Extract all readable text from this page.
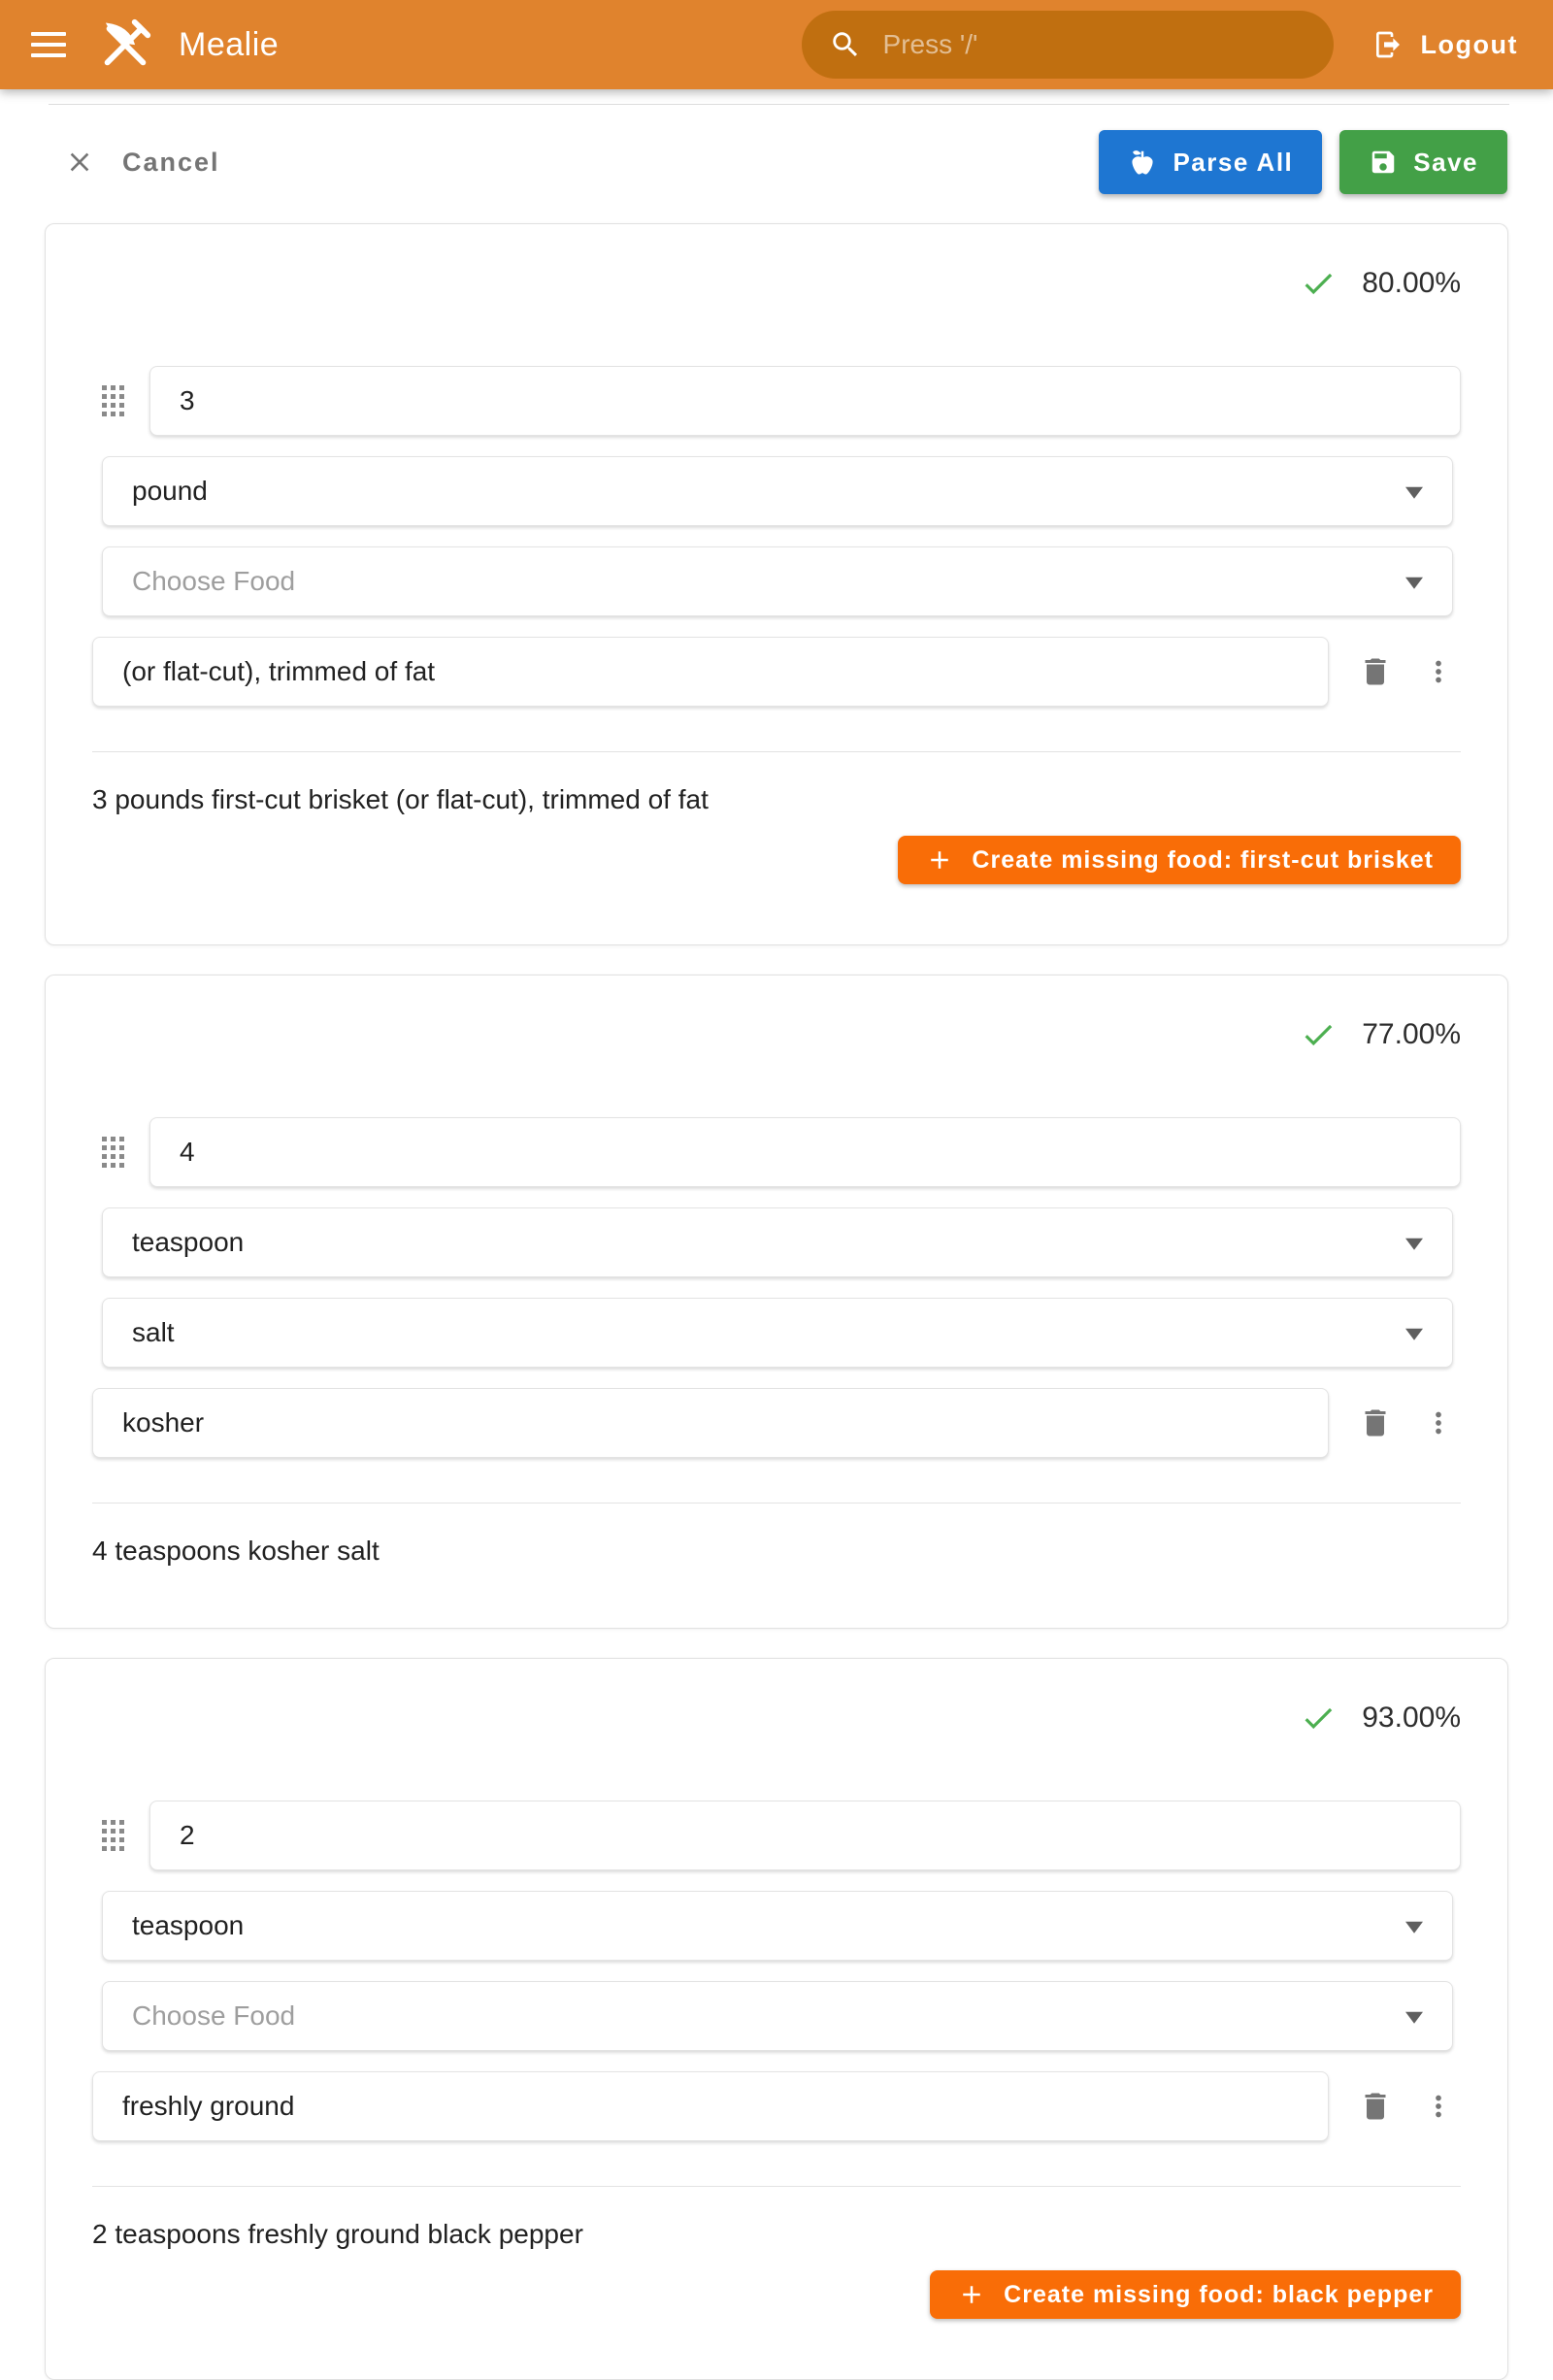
Mealie
Press '/'	Logout
Cancel	Parse All	Save
80.00%
3
pound
Choose Food
(or flat-cut), trimmed of fat
3 pounds first-cut brisket (or flat-cut), trimmed of fat
Create missing food: first-cut brisket
77.00%
4
teaspoon
salt
kosher
4 teaspoons kosher salt
93.00%
2
teaspoon
Choose Food
freshly ground
2 teaspoons freshly ground black pepper
Create missing food: black pepper
